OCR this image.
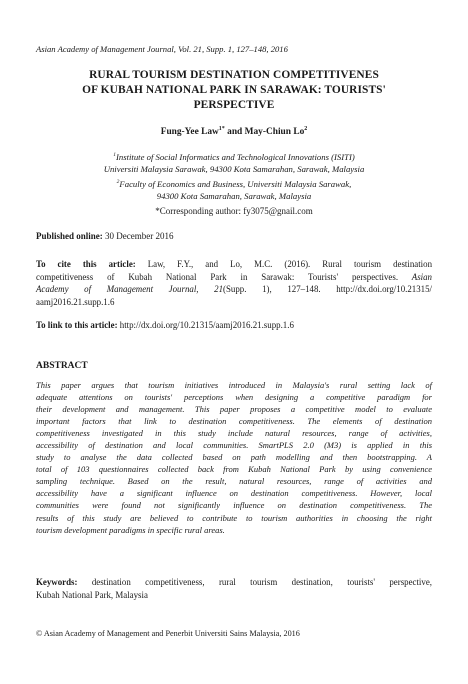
Asian Academy of Management Journal, Vol. 21, Supp. 1, 127–148, 2016
RURAL TOURISM DESTINATION COMPETITIVENES
OF KUBAH NATIONAL PARK IN SARAWAK: TOURISTS'
PERSPECTIVE
Fung-Yee Law$^{1*}$ and May-Chiun Lo$^2$
$^1$Institute of Social Informatics and Technological Innovations (ISITI)
Universiti Malaysia Sarawak, 94300 Kota Samarahan, Sarawak, Malaysia
$^2$Faculty of Economics and Business, Universiti Malaysia Sarawak,
94300 Kota Samarahan, Sarawak, Malaysia
*Corresponding author: fy3075@gnail.com
Published online: 30 December 2016
To cite this article: Law, F.Y., and Lo, M.C. (2016). Rural tourism destination
competitiveness of Kubah National Park in Sarawak: Tourists' perspectives. Asian
Academy of Management Journal, 21(Supp. 1), 127–148. http://dx.doi.org/10.21315/
aamj2016.21.supp.1.6
To link to this article: http://dx.doi.org/10.21315/aamj2016.21.supp.1.6
ABSTRACT
This paper argues that tourism initiatives introduced in Malaysia's rural setting lack of
adequate attentions on tourists' perceptions when designing a competitive paradigm for
their development and management. This paper proposes a competitive model to evaluate
important factors that link to destination competitiveness. The elements of destination
competitiveness investigated in this study include natural resources, range of activities,
accessibility of destination and local communities. SmartPLS 2.0 (M3) is applied in this
study to analyse the data collected based on path modelling and then bootstrapping. A
total of 103 questionnaires collected back from Kubah National Park by using convenience
sampling technique. Based on the result, natural resources, range of activities and
accessibility have a significant influence on destination competitiveness. However, local
communities were found not significantly influence on destination competitiveness. The
results of this study are believed to contribute to tourism authorities in choosing the right
tourism development paradigms in specific rural areas.
Keywords: destination competitiveness, rural tourism destination, tourists' perspective,
Kubah National Park, Malaysia
© Asian Academy of Management and Penerbit Universiti Sains Malaysia, 2016
